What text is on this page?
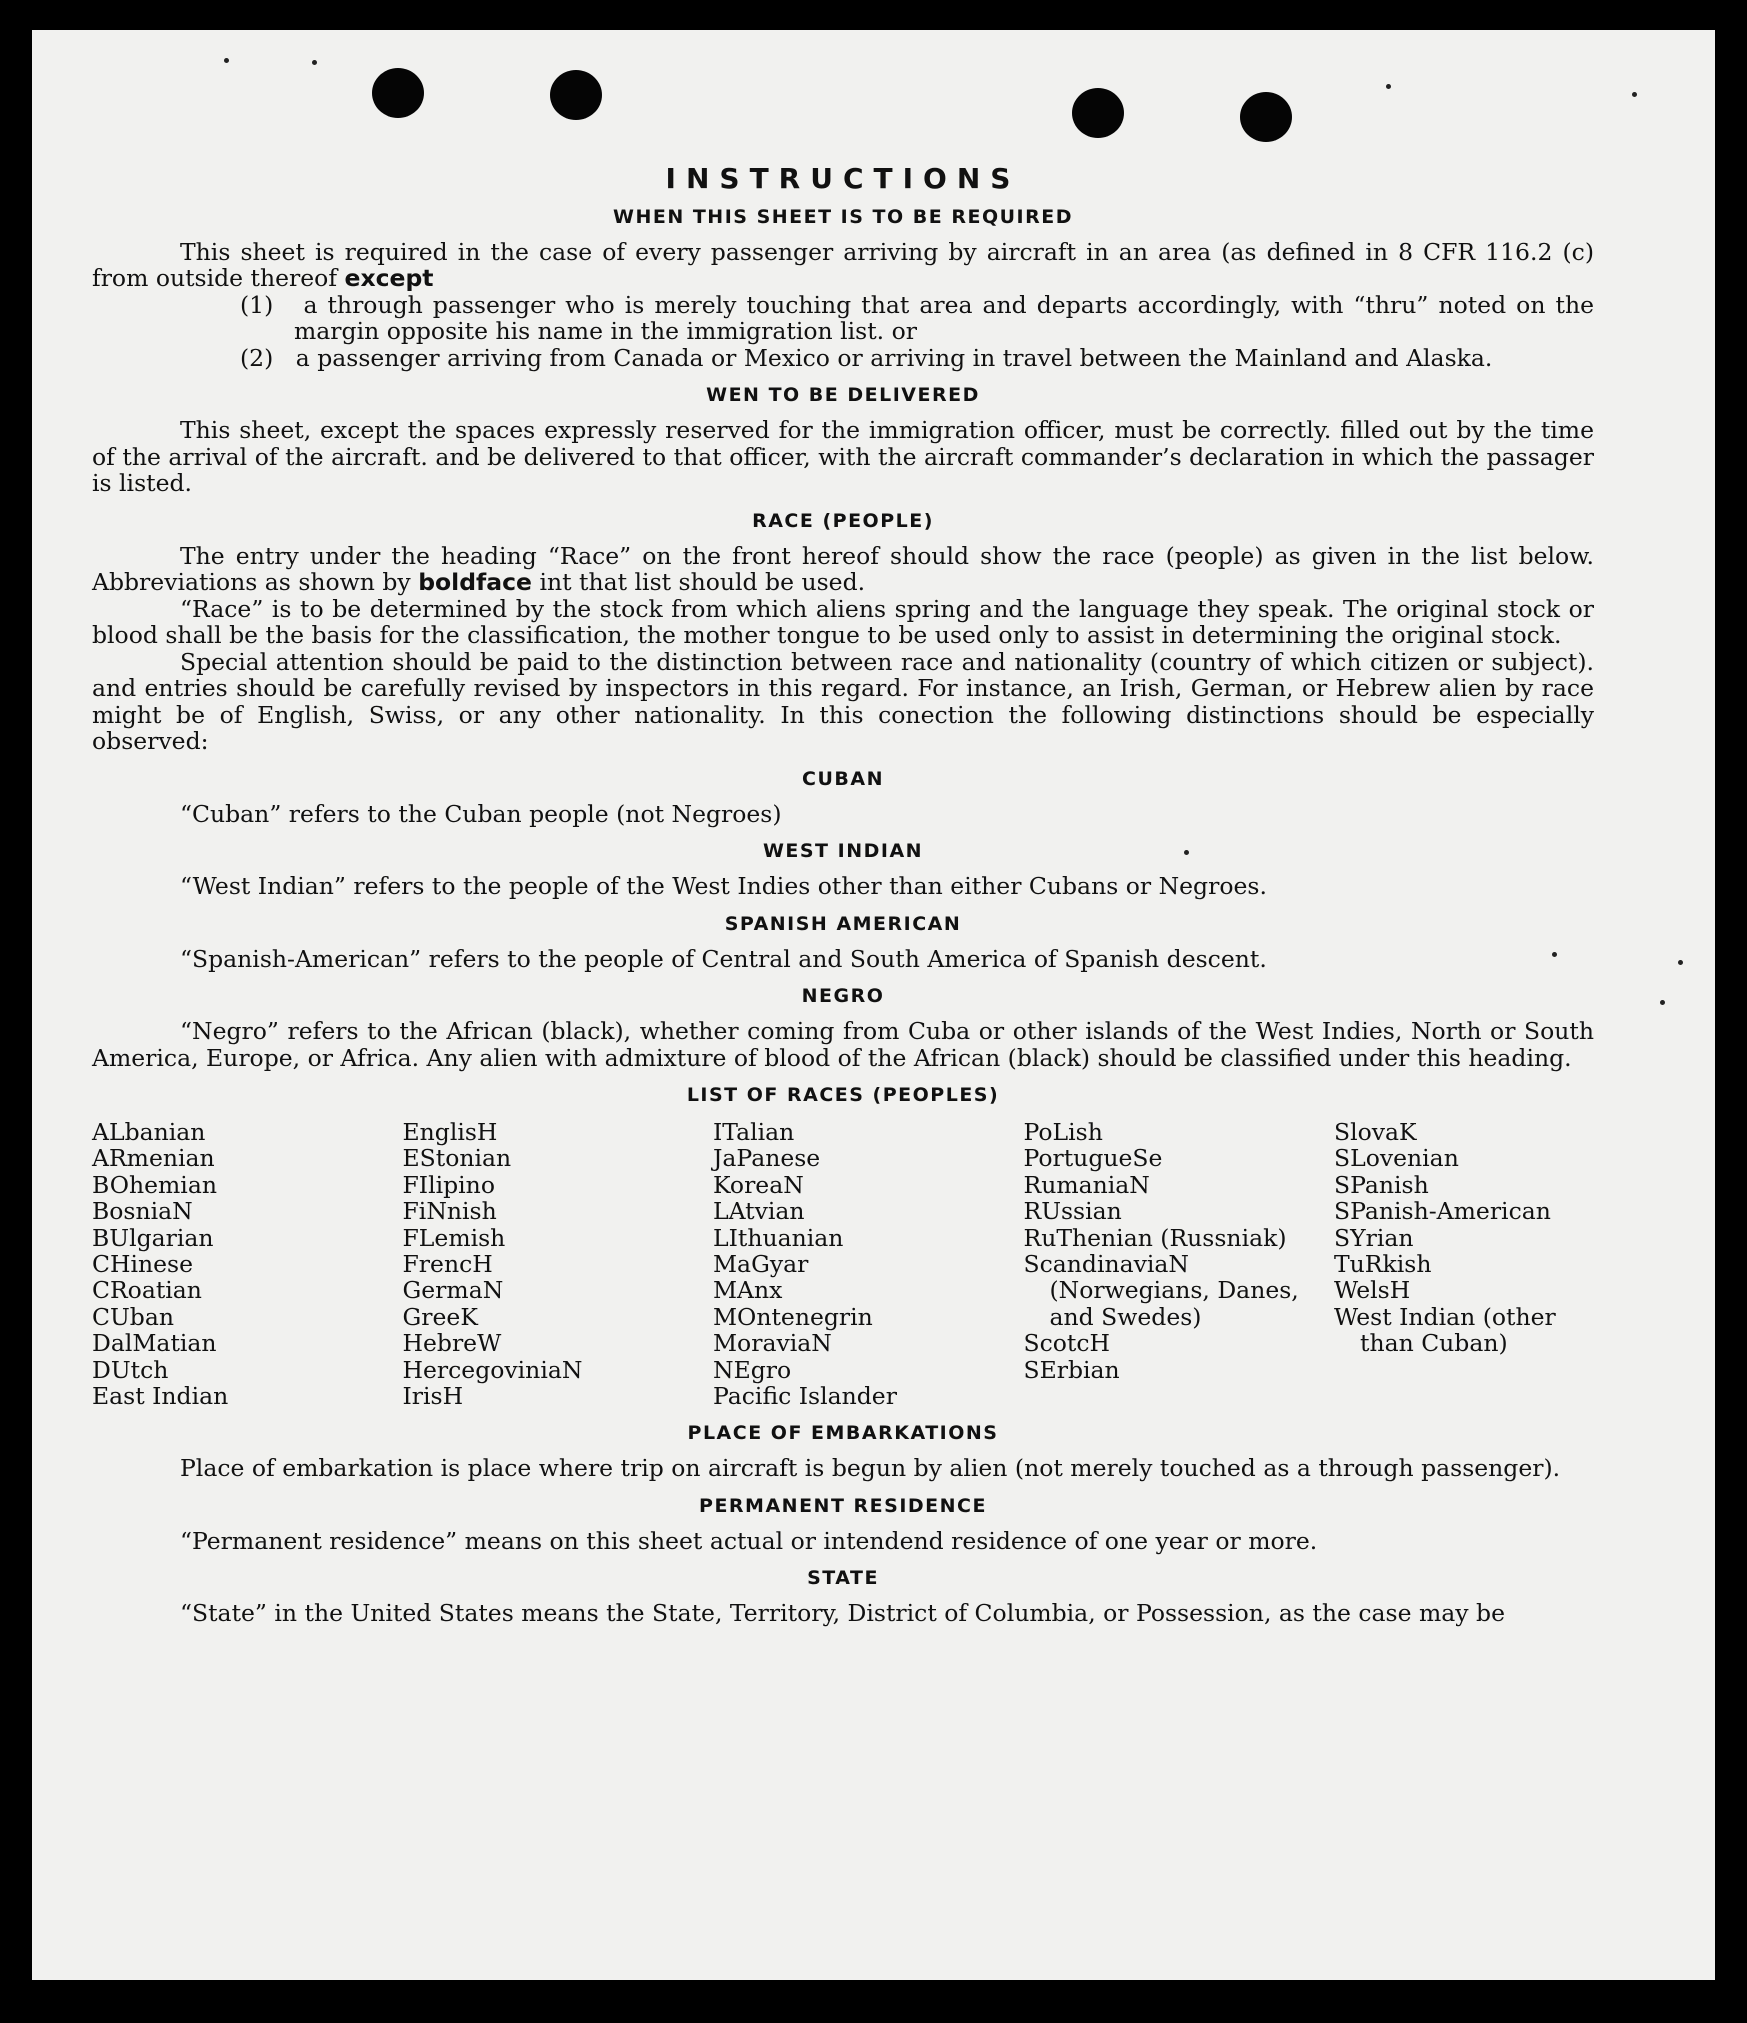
INSTRUCTIONS
WHEN THIS SHEET IS TO BE REQUIRED

This sheet is required in the case of every passenger arriving by aircraft in an area (as defined in 8 CFR 116.2 (c) from outside thereof except

(1) a through passenger who is merely touching that area and departs accordingly, with “thru” noted on the margin opposite his name in the immigration list. or

(2) a passenger arriving from Canada or Mexico or arriving in travel between the Mainland and Alaska.

WEN TO BE DELIVERED

This sheet, except the spaces expressly reserved for the immigration officer, must be correctly. filled out by the time of the arrival of the aircraft. and be delivered to that officer, with the aircraft commander’s declaration in which the passager is listed.

RACE (PEOPLE)

The entry under the heading “Race” on the front hereof should show the race (people) as given in the list below. Abbreviations as shown by boldface int that list should be used.

“Race” is to be determined by the stock from which aliens spring and the language they speak. The original stock or blood shall be the basis for the classification, the mother tongue to be used only to assist in determining the original stock.

Special attention should be paid to the distinction between race and nationality (country of which citizen or subject). and entries should be carefully revised by inspectors in this regard. For instance, an Irish, German, or Hebrew alien by race might be of English, Swiss, or any other nationality. In this conection the following distinctions should be especially observed:

CUBAN

“Cuban” refers to the Cuban people (not Negroes)

WEST INDIAN

“West Indian” refers to the people of the West Indies other than either Cubans or Negroes.

SPANISH AMERICAN

“Spanish-American” refers to the people of Central and South America of Spanish descent.

NEGRO

“Negro” refers to the African (black), whether coming from Cuba or other islands of the West Indies, North or South America, Europe, or Africa. Any alien with admixture of blood of the African (black) should be classified under this heading.

LIST OF RACES (PEOPLES)
ALbanian
ARmenian
BOhemian
BosniaN
BUlgarian
CHinese
CRoatian
CUban
DalMatian
DUtch
East Indian
EnglisH
EStonian
FIlipino
FiNnish
FLemish
FrencH
GermaN
GreeK
HebreW
HercegoviniaN
IrisH
ITalian
JaPanese
KoreaN
LAtvian
LIthuanian
MaGyar
MAnx
MOntenegrin
MoraviaN
NEgro
Pacific Islander
PoLish
PortugueSe
RumaniaN
RUssian
RuThenian (Russniak)
ScandinaviaN (Norwegians, Danes, and Swedes)
ScotcH
SErbian
SlovaK
SLovenian
SPanish
SPanish-American
SYrian
TuRkish
WelsH
West Indian (other than Cuban)
PLACE OF EMBARKATIONS

Place of embarkation is place where trip on aircraft is begun by alien (not merely touched as a through passenger).

PERMANENT RESIDENCE

“Permanent residence” means on this sheet actual or intendend residence of one year or more.

STATE

“State” in the United States means the State, Territory, District of Columbia, or Possession, as the case may be
